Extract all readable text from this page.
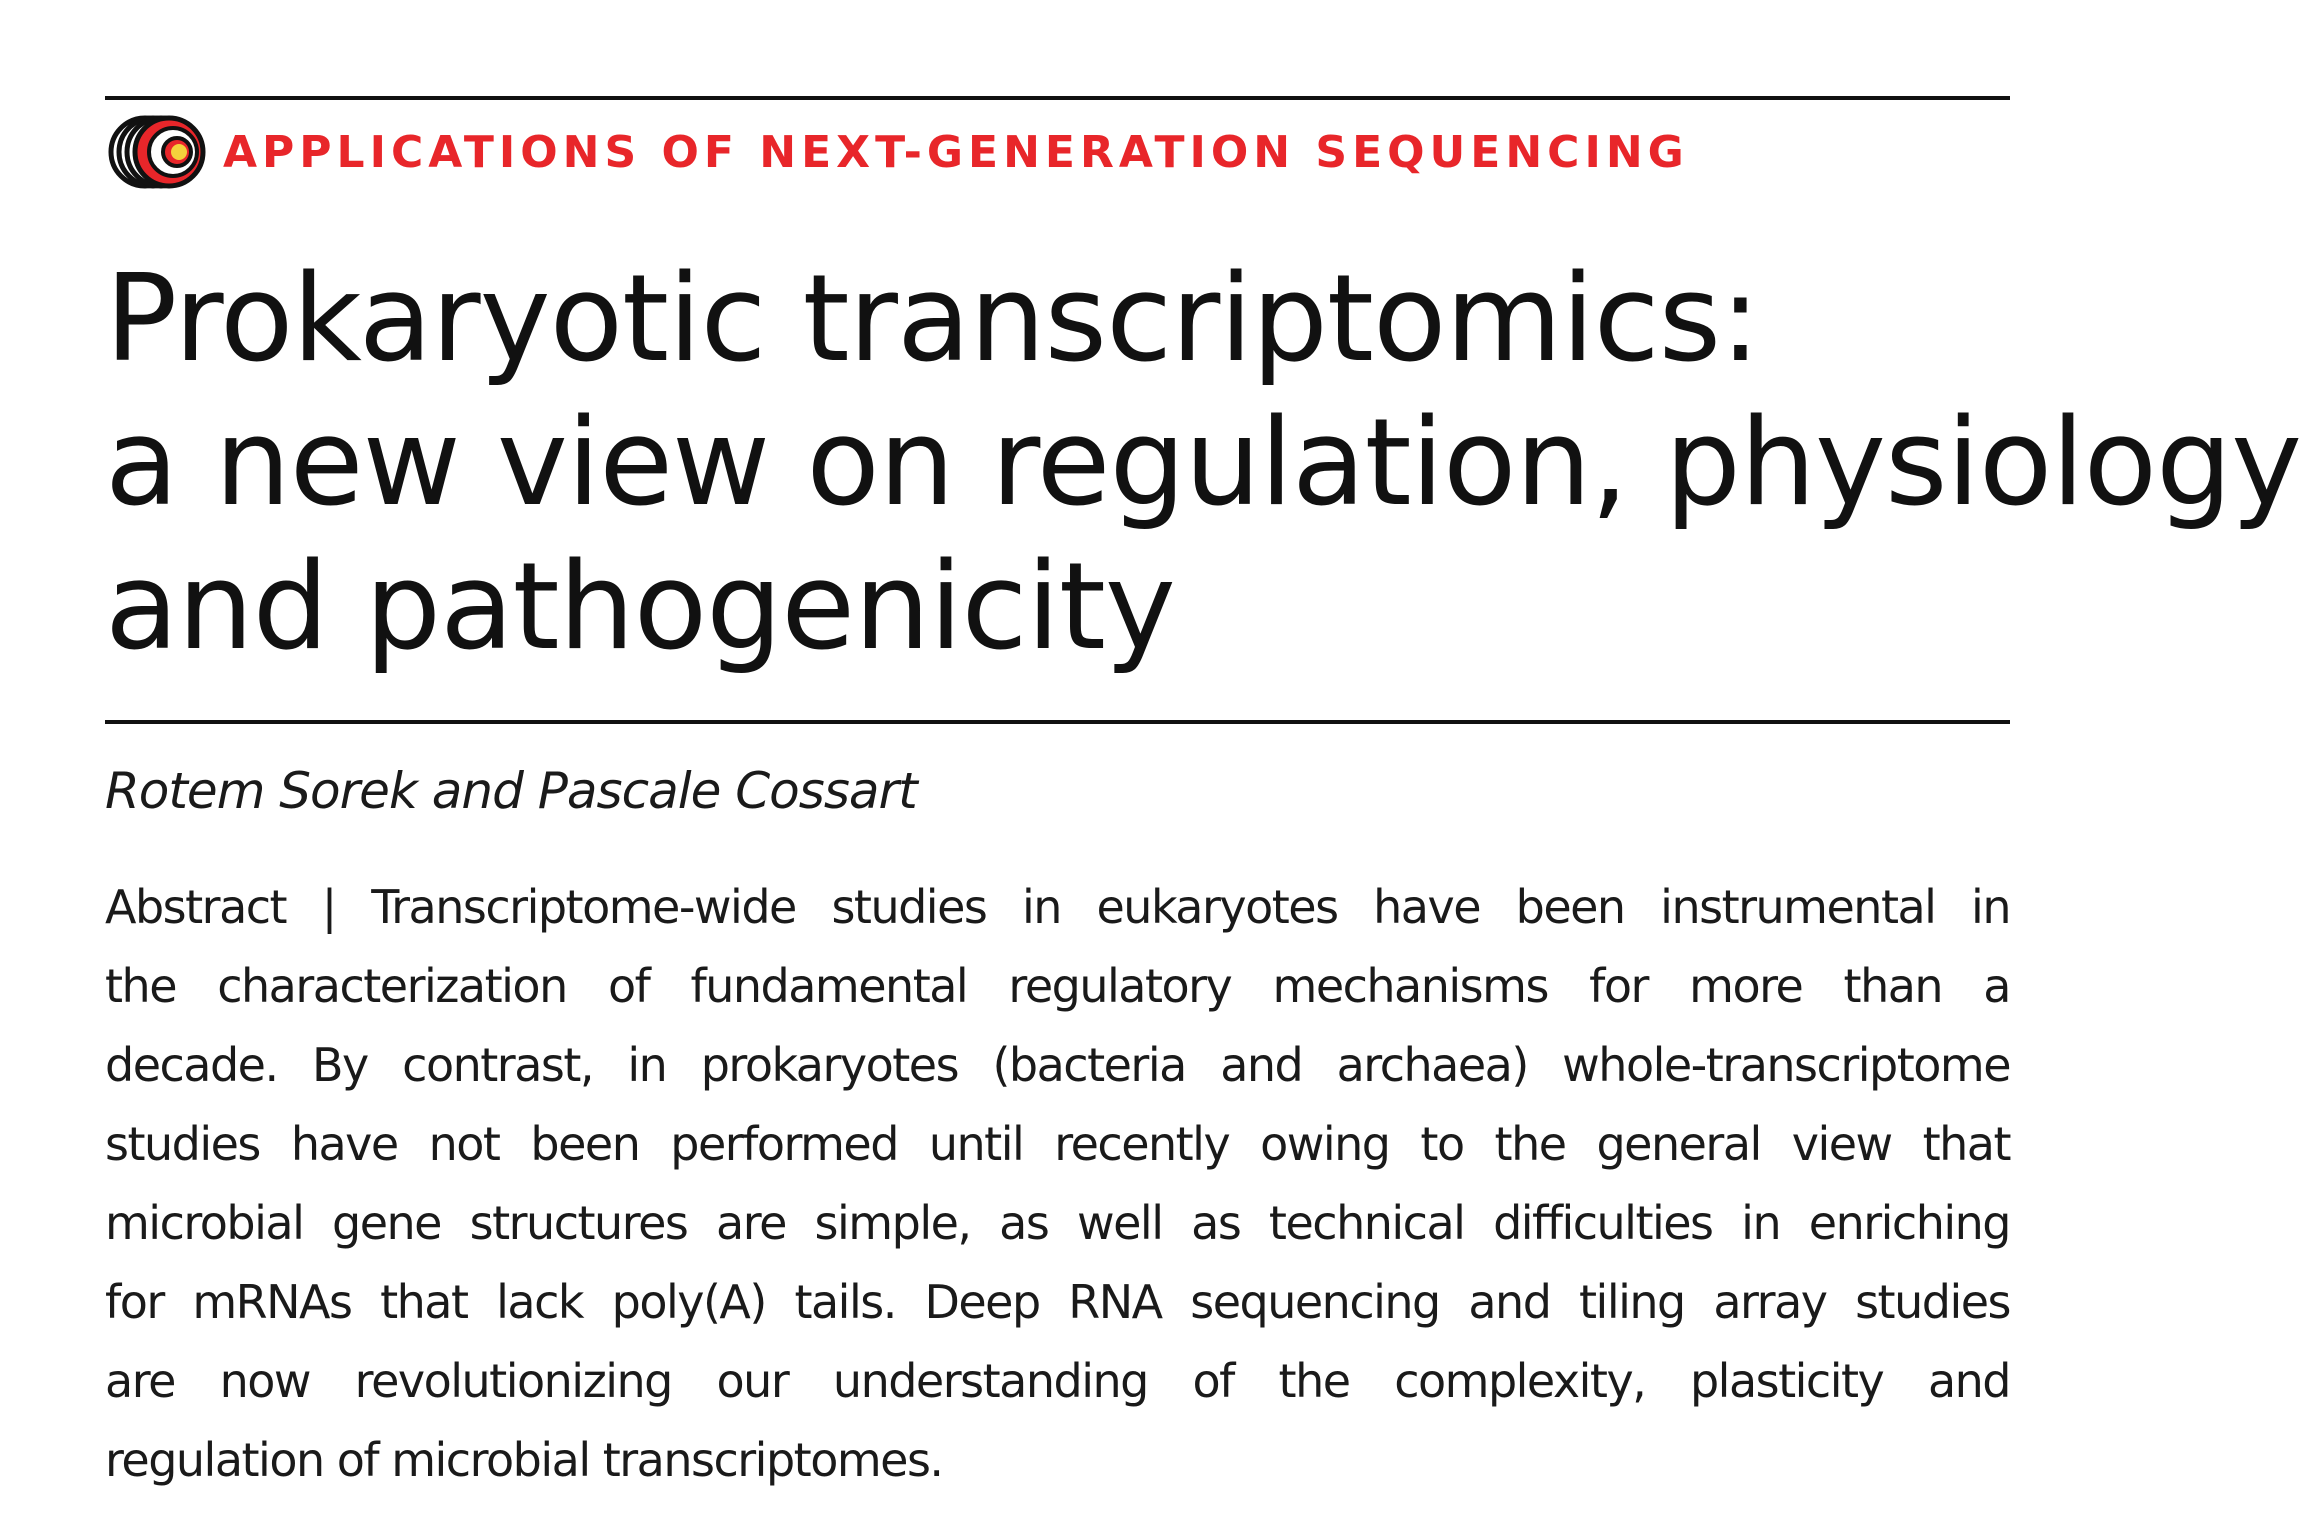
APPLICATIONS OF NEXT-GENERATION SEQUENCING
Prokaryotic transcriptomics:
a new view on regulation, physiology
and pathogenicity
Rotem Sorek and Pascale Cossart
Abstract | Transcriptome-wide studies in eukaryotes have been instrumental in
the characterization of fundamental regulatory mechanisms for more than a
decade. By contrast, in prokaryotes (bacteria and archaea) whole-transcriptome
studies have not been performed until recently owing to the general view that
microbial gene structures are simple, as well as technical difficulties in enriching
for mRNAs that lack poly(A) tails. Deep RNA sequencing and tiling array studies
are now revolutionizing our understanding of the complexity, plasticity and
regulation of microbial transcriptomes.
